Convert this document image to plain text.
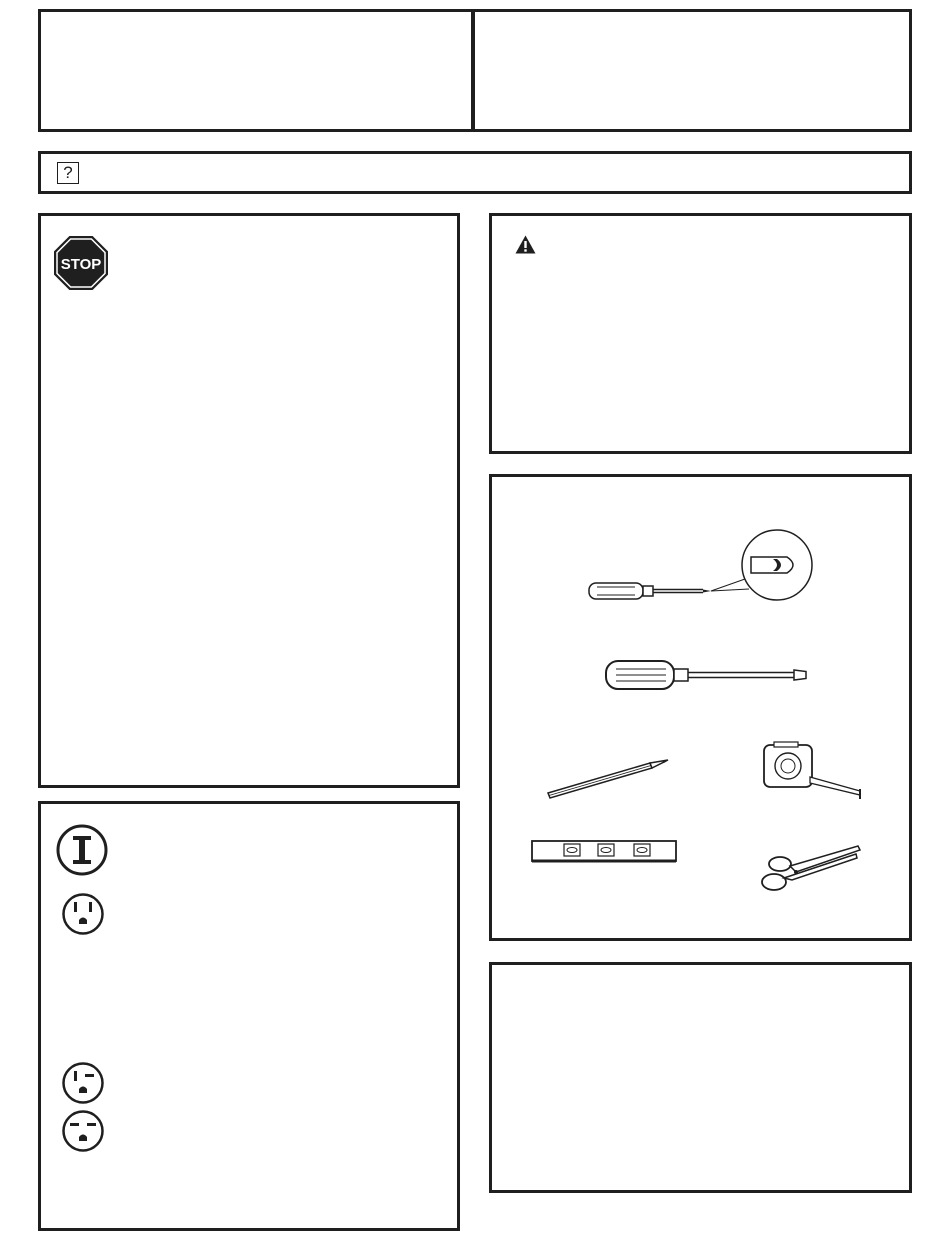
?
STOP
